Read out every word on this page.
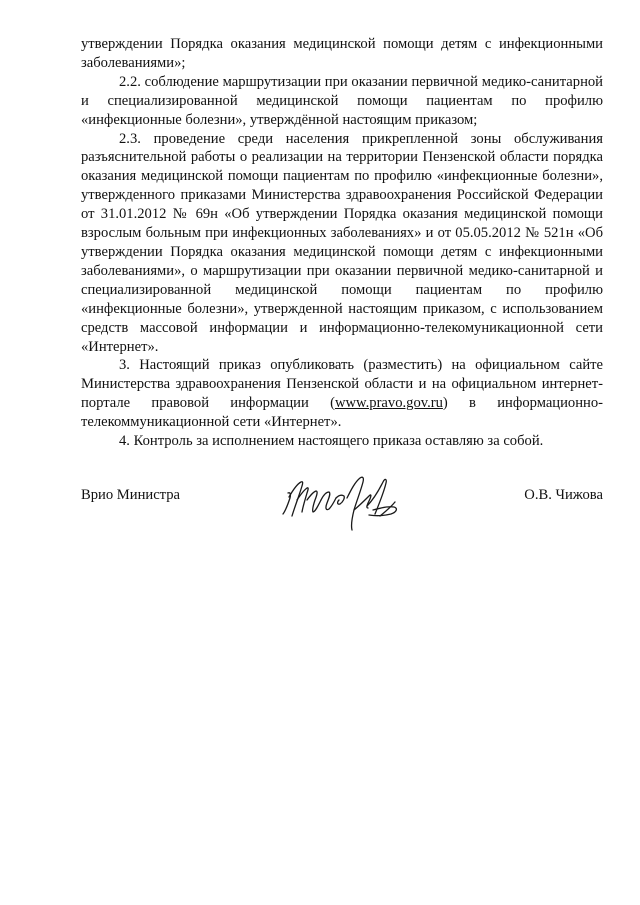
утверждении Порядка оказания медицинской помощи детям с инфекционными заболеваниями»;

2.2. соблюдение маршрутизации при оказании первичной медико-санитарной и специализированной медицинской помощи пациентам по профилю «инфекционные болезни», утверждённой настоящим приказом;

2.3. проведение среди населения прикрепленной зоны обслуживания разъяснительной работы о реализации на территории Пензенской области порядка оказания медицинской помощи пациентам по профилю «инфекционные болезни», утвержденного приказами Министерства здравоохранения Российской Федерации от 31.01.2012 № 69н «Об утверждении Порядка оказания медицинской помощи взрослым больным при инфекционных заболеваниях» и от 05.05.2012 № 521н «Об утверждении Порядка оказания медицинской помощи детям с инфекционными заболеваниями», о маршрутизации при оказании первичной медико-санитарной и специализированной медицинской помощи пациентам по профилю «инфекционные болезни», утвержденной настоящим приказом, с использованием средств массовой информации и информационно-телекомуникационной сети «Интернет».

3. Настоящий приказ опубликовать (разместить) на официальном сайте Министерства здравоохранения Пензенской области и на официальном интернет-портале правовой информации (www.pravo.gov.ru) в информационно-телекоммуникационной сети «Интернет».

4. Контроль за исполнением настоящего приказа оставляю за собой.

Врио Министра	О.В. Чижова
